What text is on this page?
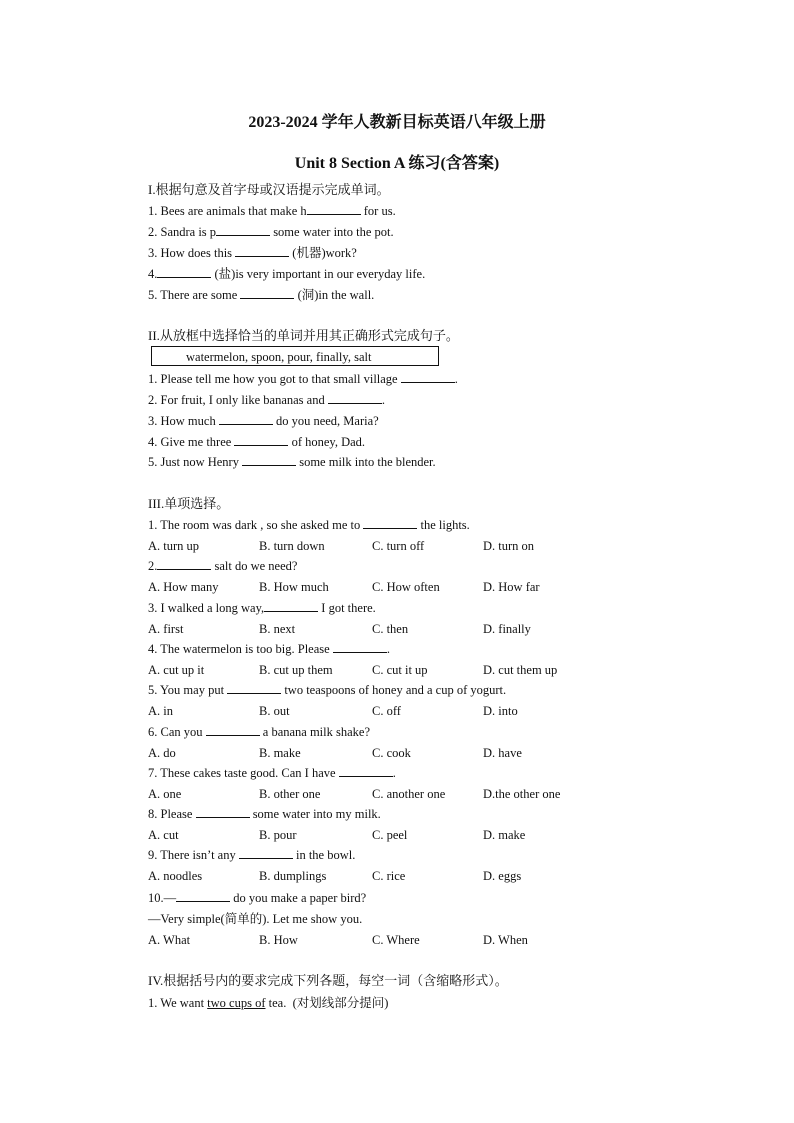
2023-2024 学年人教新目标英语八年级上册
Unit 8 Section A 练习(含答案)
I.根据句意及首字母或汉语提示完成单词。
1. Bees are animals that make h	for us.
2. Sandra is p	some water into the pot.
3. How does this	(机器)work?
4.	(盐)is very important in our everyday life.
5. There are some	(洞)in the wall.
II.从放框中选择恰当的单词并用其正确形式完成句子。
watermelon, spoon, pour, finally, salt
1. Please tell me how you got to that small village	.
2. For fruit, I only like bananas and	.
3. How much	do you need, Maria?
4. Give me three	of honey, Dad.
5. Just now Henry	some milk into the blender.
III.单项选择。
1. The room was dark , so she asked me to	the lights.
A. turn up	B. turn down	C. turn off	D. turn on
2.	salt do we need?
A. How many	B. How much	C. How often	D. How far
3. I walked a long way,	I got there.
A. first	B. next	C. then	D. finally
4. The watermelon is too big. Please	.
A. cut up it	B. cut up them	C. cut it up	D. cut them up
5. You may put	two teaspoons of honey and a cup of yogurt.
A. in	B. out	C. off	D. into
6. Can you	a banana milk shake?
A. do	B. make	C. cook	D. have
7. These cakes taste good. Can I have	.
A. one	B. other one	C. another one	D.the other one
8. Please	some water into my milk.
A. cut	B. pour	C. peel	D. make
9. There isn’t any	in the bowl.
A. noodles	B. dumplings	C. rice	D. eggs
10.—	do you make a paper bird?
—Very simple(简单的). Let me show you.
A. What	B. How	C. Where	D. When
IV.根据括号内的要求完成下列各题，每空一词（含缩略形式）。
1. We want two cups of tea.  (对划线部分提问)
